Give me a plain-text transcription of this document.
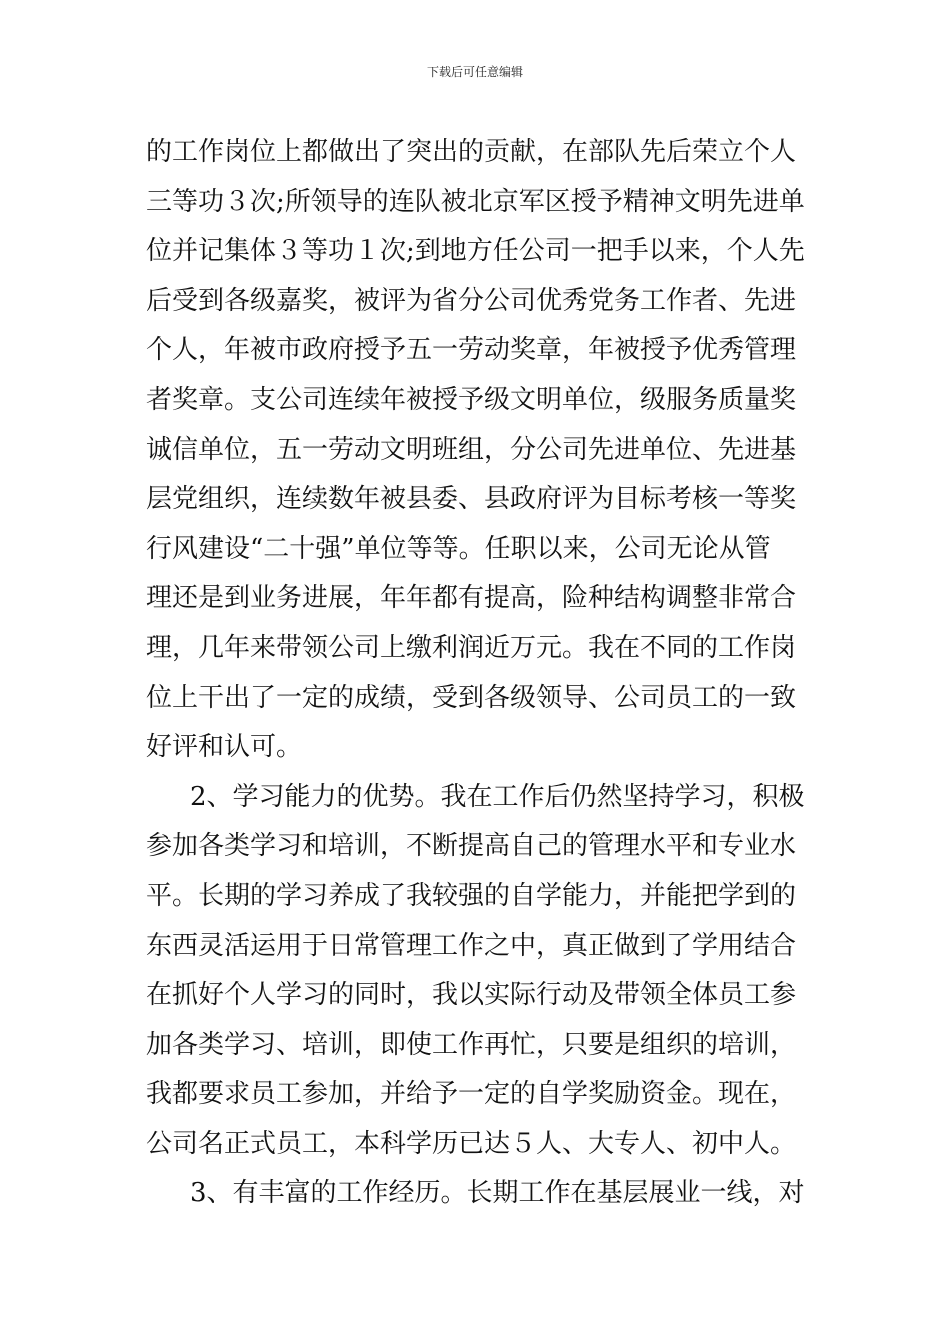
下载后可任意编辑
的工作岗位上都做出了突出的贡献，在部队先后荣立个人
三等功３次;所领导的连队被北京军区授予精神文明先进单
位并记集体３等功１次;到地方任公司一把手以来，个人先
后受到各级嘉奖，被评为省分公司优秀党务工作者、先进
个人，年被市政府授予五一劳动奖章，年被授予优秀管理
者奖章。支公司连续年被授予级文明单位，级服务质量奖
诚信单位，五一劳动文明班组，分公司先进单位、先进基
层党组织，连续数年被县委、县政府评为目标考核一等奖
行风建设“二十强”单位等等。任职以来，公司无论从管
理还是到业务进展，年年都有提高，险种结构调整非常合
理，几年来带领公司上缴利润近万元。我在不同的工作岗
位上干出了一定的成绩，受到各级领导、公司员工的一致
好评和认可。
2、学习能力的优势。我在工作后仍然坚持学习，积极
参加各类学习和培训，不断提高自己的管理水平和专业水
平。长期的学习养成了我较强的自学能力，并能把学到的
东西灵活运用于日常管理工作之中，真正做到了学用结合
在抓好个人学习的同时，我以实际行动及带领全体员工参
加各类学习、培训，即使工作再忙，只要是组织的培训，
我都要求员工参加，并给予一定的自学奖励资金。现在，
公司名正式员工，本科学历已达５人、大专人、初中人。
3、有丰富的工作经历。长期工作在基层展业一线，对
